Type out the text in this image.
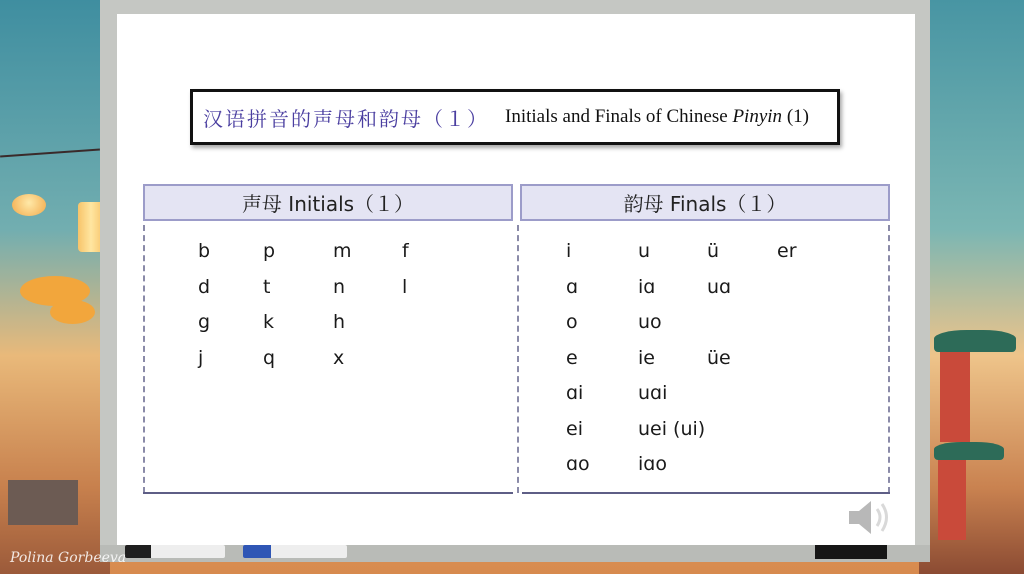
汉语拼音的声母和韵母（１） Initials and Finals of Chinese Pinyin (1)
声母 Initials（１）	韵母 Finals（１）
b	p	m	f
d	t	n	l
g	k	h
j	q	x
i	u	ü	er
ɑ	iɑ	uɑ
o	uo
e	ie	üe
ɑi	uɑi
ei	uei (ui)
ɑo	iɑo
Polina Gorbeeva
